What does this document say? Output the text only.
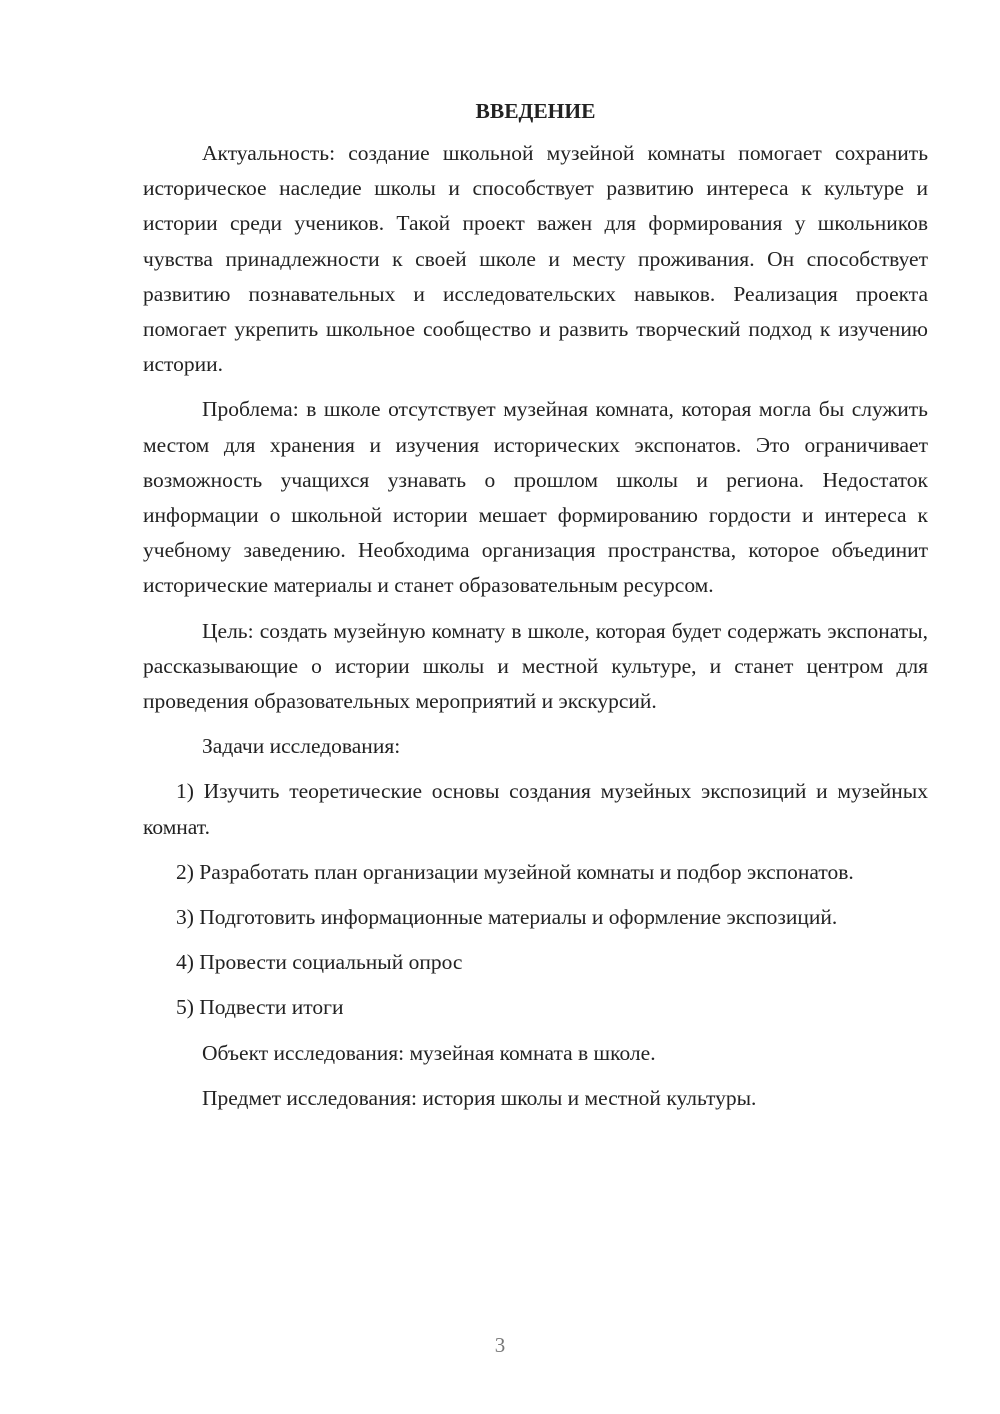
ВВЕДЕНИЕ

Актуальность: создание школьной музейной комнаты помогает сохранить историческое наследие школы и способствует развитию интереса к культуре и истории среди учеников. Такой проект важен для формирования у школьников чувства принадлежности к своей школе и месту проживания. Он способствует развитию познавательных и исследовательских навыков. Реализация проекта помогает укрепить школьное сообщество и развить творческий подход к изучению истории.

Проблема: в школе отсутствует музейная комната, которая могла бы служить местом для хранения и изучения исторических экспонатов. Это ограничивает возможность учащихся узнавать о прошлом школы и региона. Недостаток информации о школьной истории мешает формированию гордости и интереса к учебному заведению. Необходима организация пространства, которое объединит исторические материалы и станет образовательным ресурсом.

Цель: создать музейную комнату в школе, которая будет содержать экспонаты, рассказывающие о истории школы и местной культуре, и станет центром для проведения образовательных мероприятий и экскурсий.

Задачи исследования:

1) Изучить теоретические основы создания музейных экспозиций и музейных комнат.

2) Разработать план организации музейной комнаты и подбор экспонатов.

3) Подготовить информационные материалы и оформление экспозиций.

4) Провести социальный опрос

5) Подвести итоги

Объект исследования: музейная комната в школе.

Предмет исследования: история школы и местной культуры.

3
